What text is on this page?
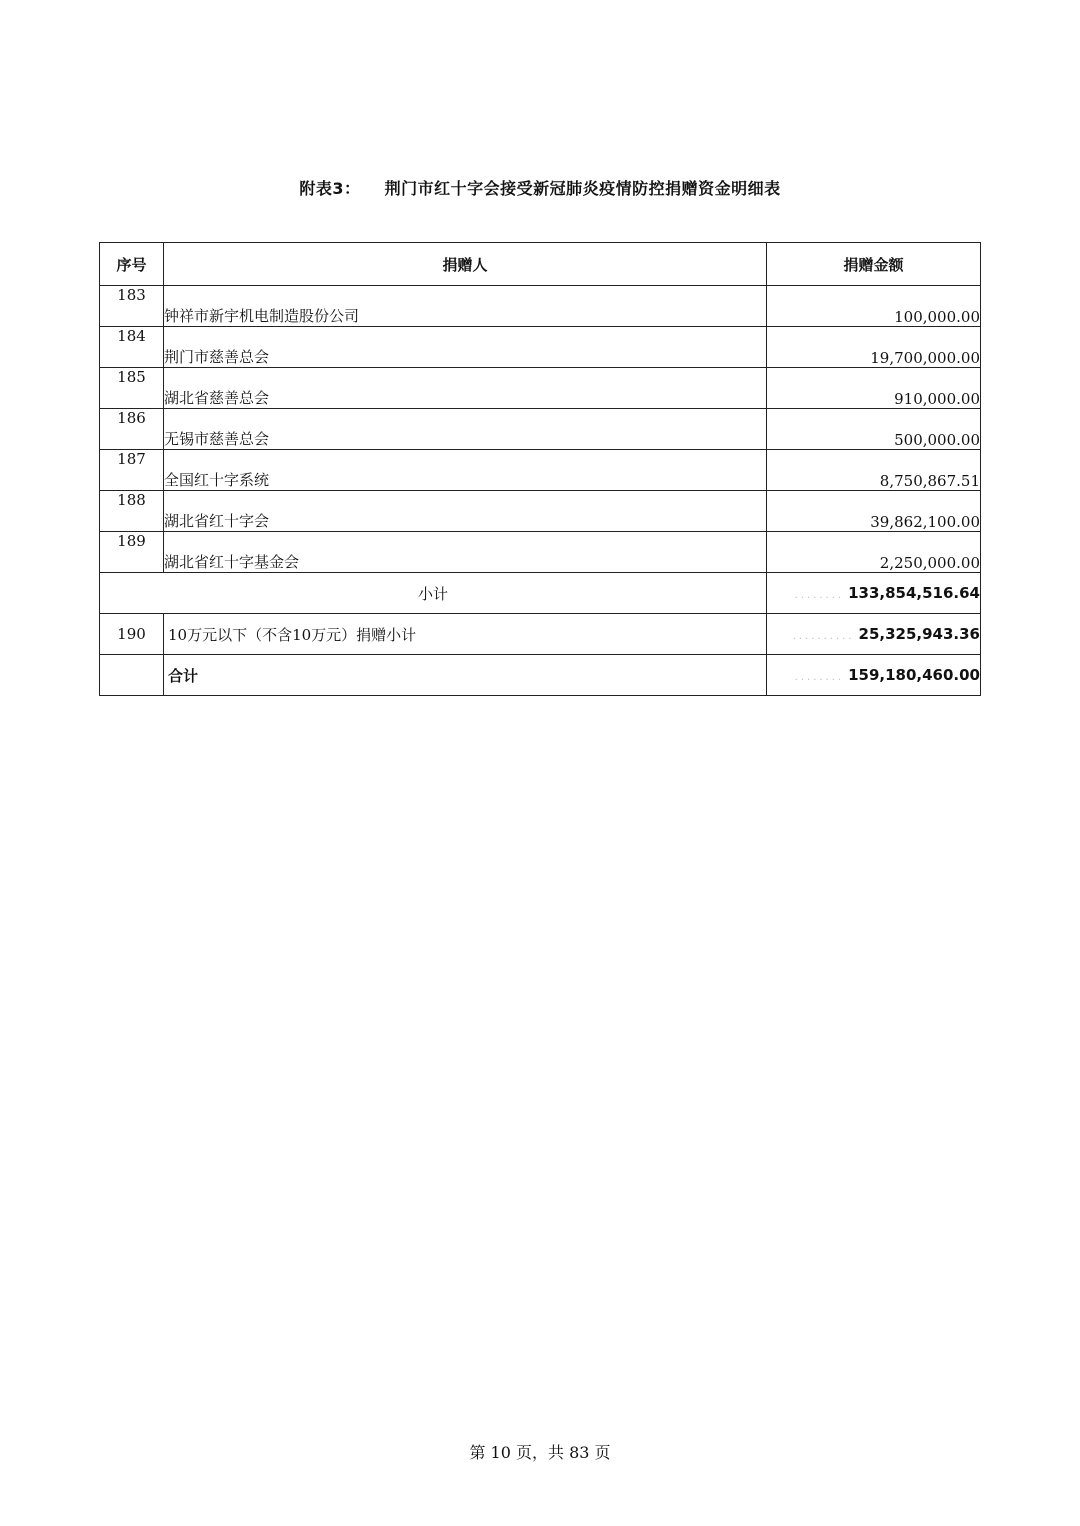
附表3： 荆门市红十字会接受新冠肺炎疫情防控捐赠资金明细表
序号	捐赠人	捐赠金额
183	钟祥市新宇机电制造股份公司	100,000.00
184	荆门市慈善总会	19,700,000.00
185	湖北省慈善总会	910,000.00
186	无锡市慈善总会	500,000.00
187	全国红十字系统	8,750,867.51
188	湖北省红十字会	39,862,100.00
189	湖北省红十字基金会	2,250,000.00
小计		........ 133,854,516.64
190	10万元以下（不含10万元）捐赠小计	.......... 25,325,943.36
	合计	........ 159,180,460.00
第 10 页，共 83 页
